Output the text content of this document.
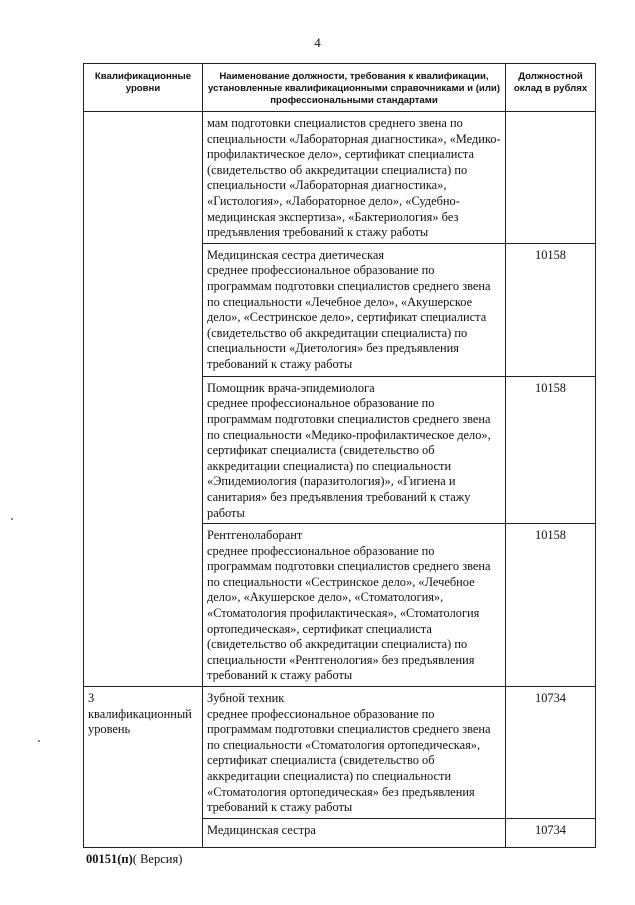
4
Квалификационные уровни	Наименование должности, требования к квалификации, установленные квалификационными справочниками и (или) профессиональными стандартами	Должностной оклад в рублях

	мам подготовки специалистов среднего звена по специальности «Лабораторная диагностика», «Медико-профилактическое дело», сертификат специалиста (свидетельство об аккредитации специалиста) по специальности «Лабораторная диагностика», «Гистология», «Лабораторное дело», «Судебно-медицинская экспертиза», «Бактериология» без предъявления требований к стажу работы	

	Медицинская сестра диетическая
среднее профессиональное образование по программам подготовки специалистов среднего звена по специальности «Лечебное дело», «Акушерское дело», «Сестринское дело», сертификат специалиста (свидетельство об аккредитации специалиста) по специальности «Диетология» без предъявления требований к стажу работы	10158

	Помощник врача-эпидемиолога
среднее профессиональное образование по программам подготовки специалистов среднего звена по специальности «Медико-профилактическое дело», сертификат специалиста (свидетельство об аккредитации специалиста) по специальности «Эпидемиология (паразитология)», «Гигиена и санитария» без предъявления требований к стажу работы	10158

	Рентгенолаборант
среднее профессиональное образование по программам подготовки специалистов среднего звена по специальности «Сестринское дело», «Лечебное дело», «Акушерское дело», «Стоматология», «Стоматология профилактическая», «Стоматология ортопедическая», сертификат специалиста (свидетельство об аккредитации специалиста) по специальности «Рентгенология» без предъявления требований к стажу работы	10158
3 квалификационный уровень	Зубной техник
среднее профессиональное образование по программам подготовки специалистов среднего звена по специальности «Стоматология ортопедическая», сертификат специалиста (свидетельство об аккредитации специалиста) по специальности «Стоматология ортопедическая» без предъявления требований к стажу работы	10734

	Медицинская сестра	10734
00151(п)( Версия)
